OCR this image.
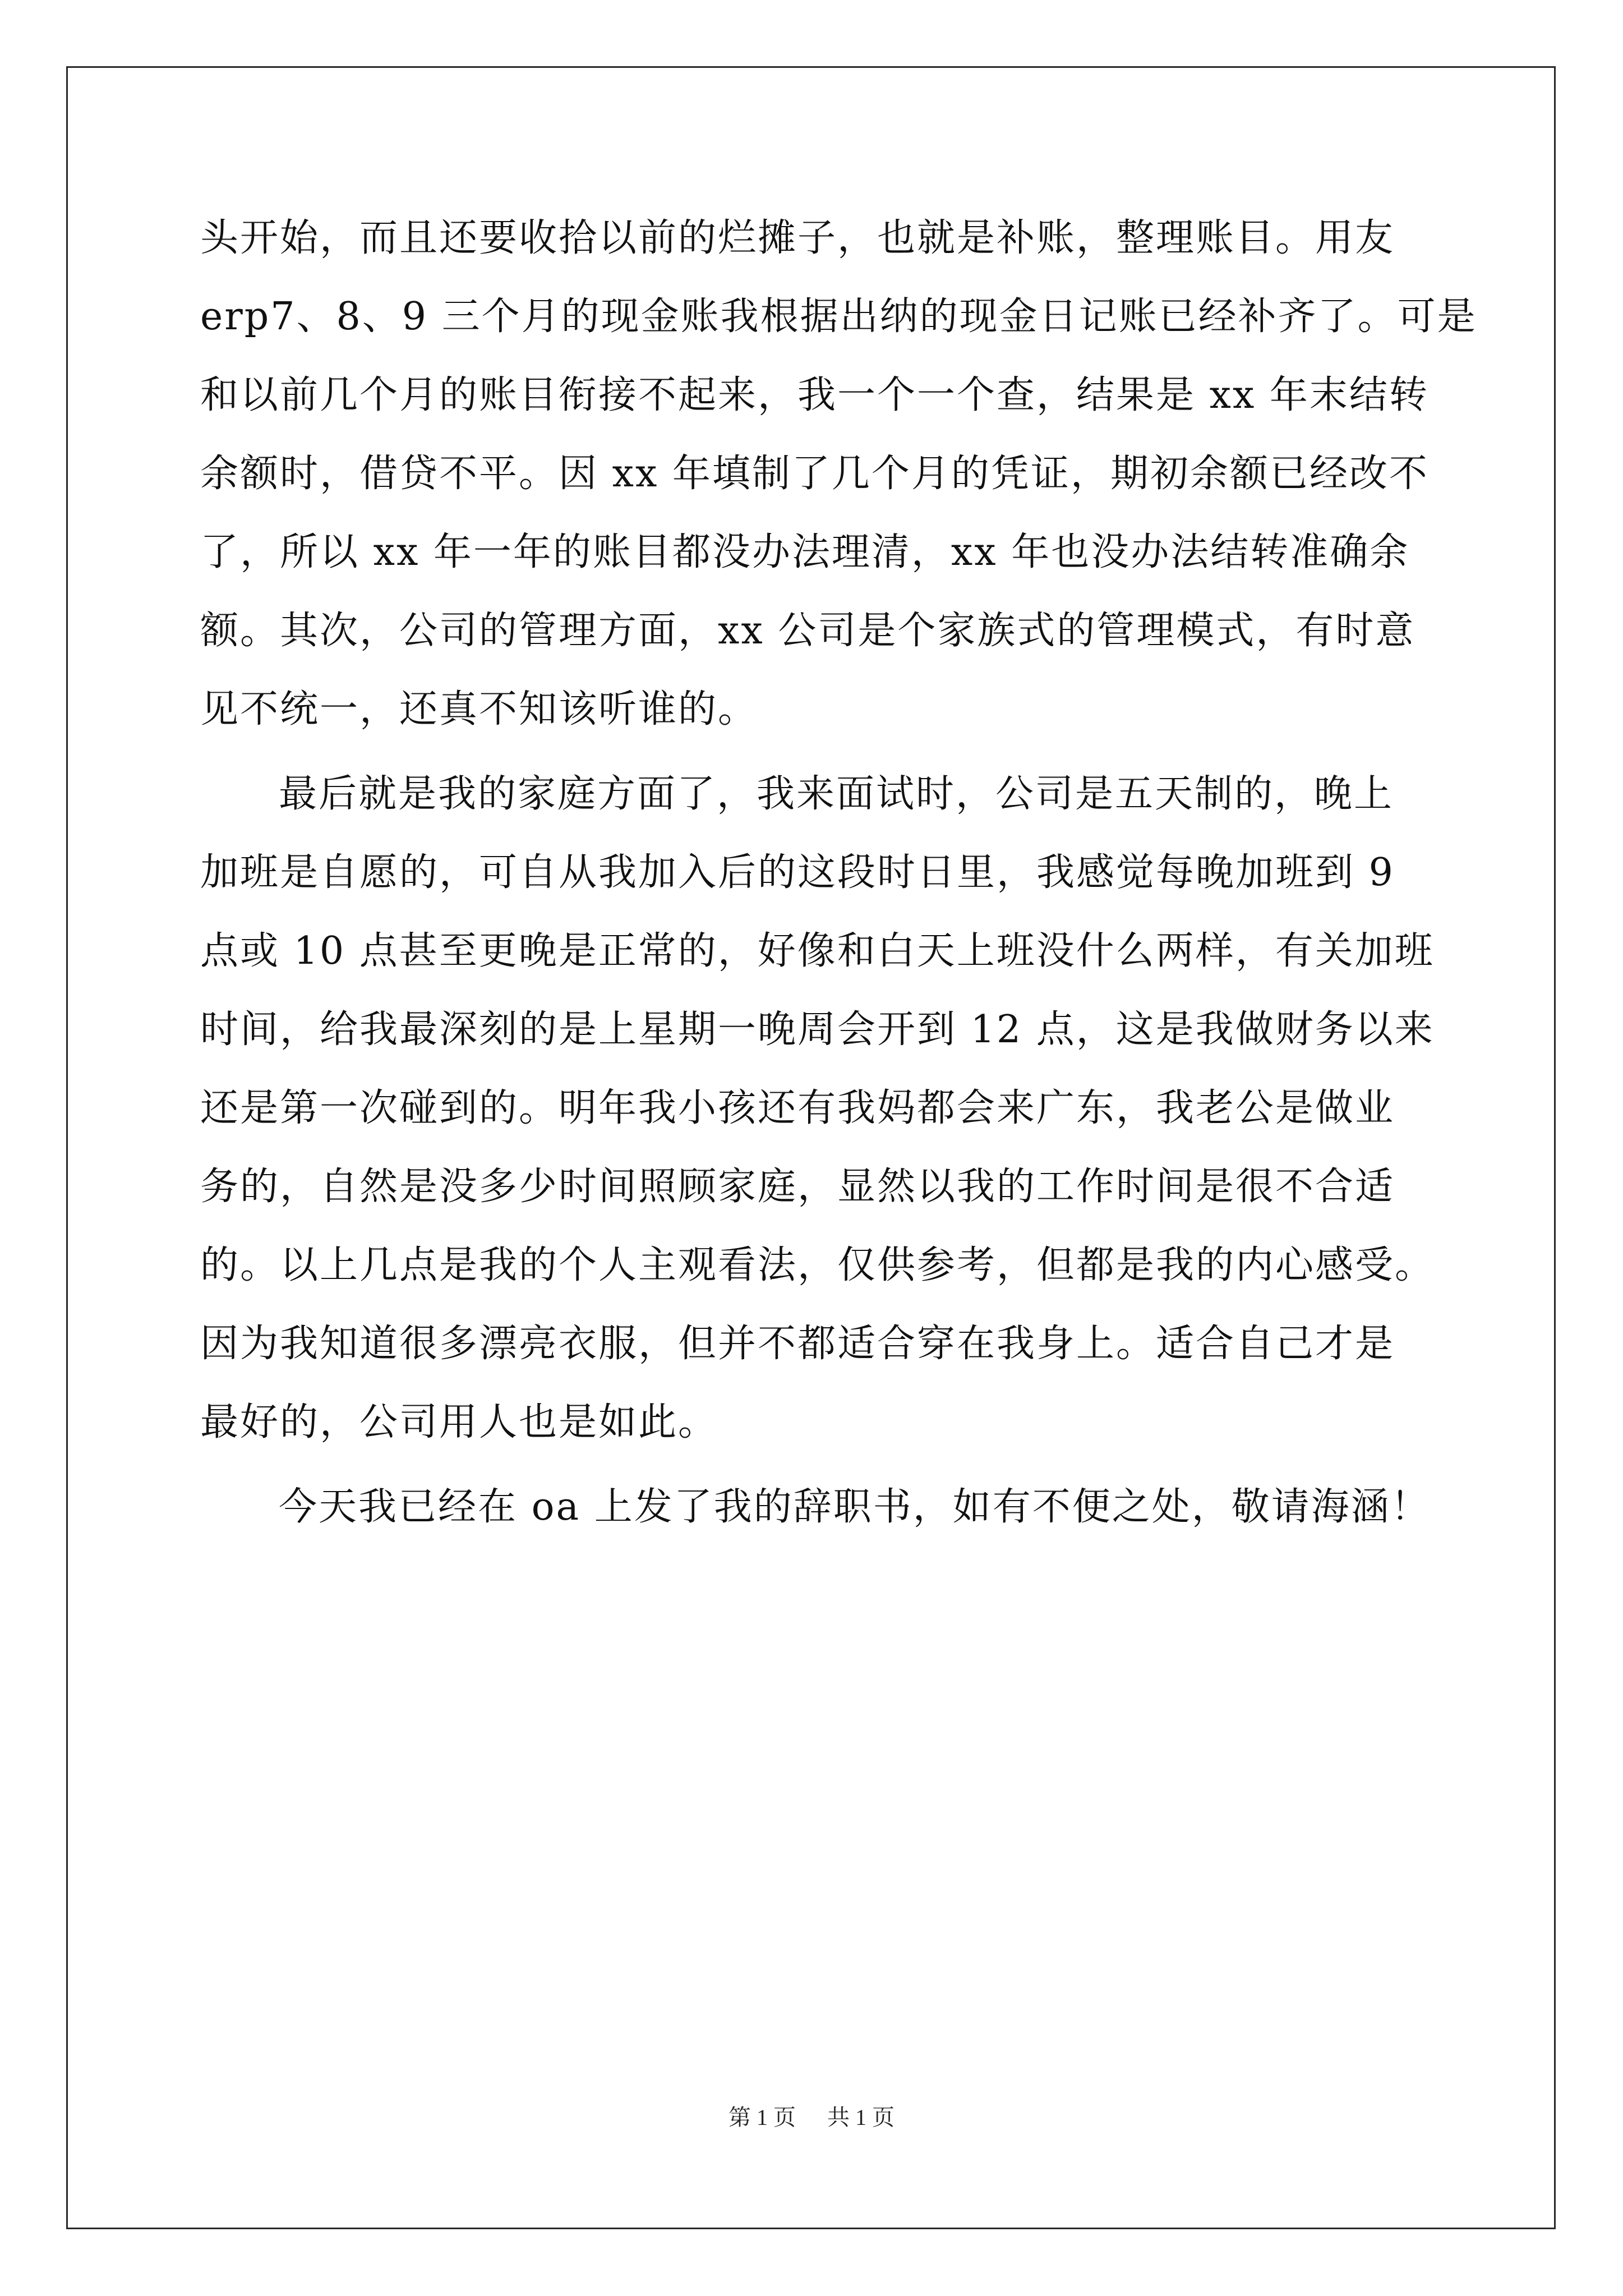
头开始，而且还要收拾以前的烂摊子，也就是补账，整理账目。用友
erp7、8、9 三个月的现金账我根据出纳的现金日记账已经补齐了。可是
和以前几个月的账目衔接不起来，我一个一个查，结果是 xx 年末结转
余额时，借贷不平。因 xx 年填制了几个月的凭证，期初余额已经改不
了，所以 xx 年一年的账目都没办法理清，xx 年也没办法结转准确余
额。其次，公司的管理方面，xx 公司是个家族式的管理模式，有时意
见不统一，还真不知该听谁的。
最后就是我的家庭方面了，我来面试时，公司是五天制的，晚上
加班是自愿的，可自从我加入后的这段时日里，我感觉每晚加班到 9
点或 10 点甚至更晚是正常的，好像和白天上班没什么两样，有关加班
时间，给我最深刻的是上星期一晚周会开到 12 点，这是我做财务以来
还是第一次碰到的。明年我小孩还有我妈都会来广东，我老公是做业
务的，自然是没多少时间照顾家庭，显然以我的工作时间是很不合适
的。以上几点是我的个人主观看法，仅供参考，但都是我的内心感受。
因为我知道很多漂亮衣服，但并不都适合穿在我身上。适合自己才是
最好的，公司用人也是如此。
今天我已经在 oa 上发了我的辞职书，如有不便之处，敬请海涵！
第 1 页 共 1 页
